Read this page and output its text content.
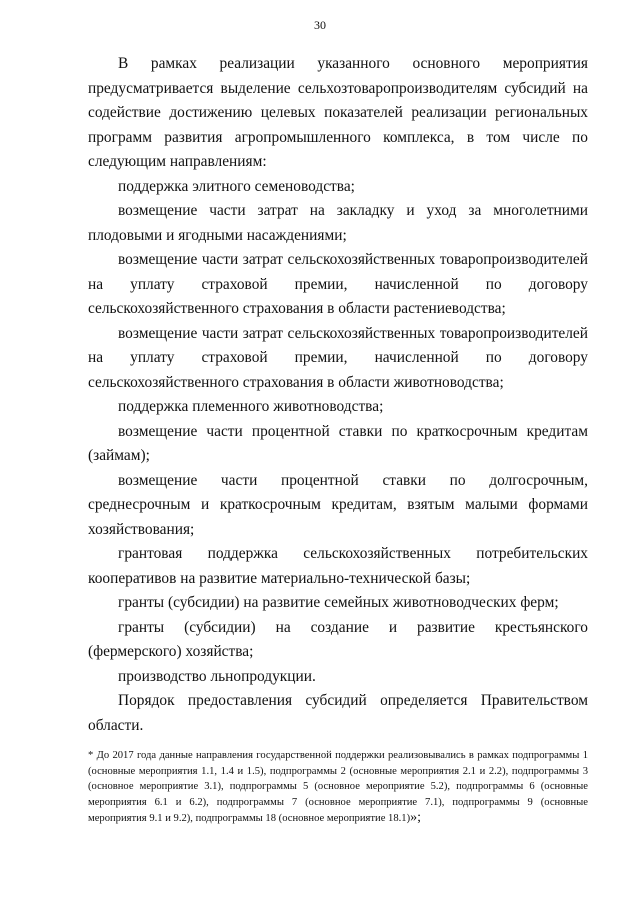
30

В рамках реализации указанного основного мероприятия предусматривается выделение сельхозтоваропроизводителям субсидий на содействие достижению целевых показателей реализации региональных программ развития агропромышленного комплекса, в том числе по следующим направлениям:

поддержка элитного семеноводства;

возмещение части затрат на закладку и уход за многолетними плодовыми и ягодными насаждениями;

возмещение части затрат сельскохозяйственных товаропроизводителей на уплату страховой премии, начисленной по договору сельскохозяйственного страхования в области растениеводства;

возмещение части затрат сельскохозяйственных товаропроизводителей на уплату страховой премии, начисленной по договору сельскохозяйственного страхования в области животноводства;

поддержка племенного животноводства;

возмещение части процентной ставки по краткосрочным кредитам (займам);

возмещение части процентной ставки по долгосрочным, среднесрочным и краткосрочным кредитам, взятым малыми формами хозяйствования;

грантовая поддержка сельскохозяйственных потребительских кооперативов на развитие материально-технической базы;

гранты (субсидии) на развитие семейных животноводческих ферм;

гранты (субсидии) на создание и развитие крестьянского (фермерского) хозяйства;

производство льнопродукции.

Порядок предоставления субсидий определяется Правительством области.

* До 2017 года данные направления государственной поддержки реализовывались в рамках подпрограммы 1 (основные мероприятия 1.1, 1.4 и 1.5), подпрограммы 2 (основные мероприятия 2.1 и 2.2), подпрограммы 3 (основное мероприятие 3.1), подпрограммы 5 (основное мероприятие 5.2), подпрограммы 6 (основные мероприятия 6.1 и 6.2), подпрограммы 7 (основное мероприятие 7.1), подпрограммы 9 (основные мероприятия 9.1 и 9.2), подпрограммы 18 (основное мероприятие 18.1)»;
